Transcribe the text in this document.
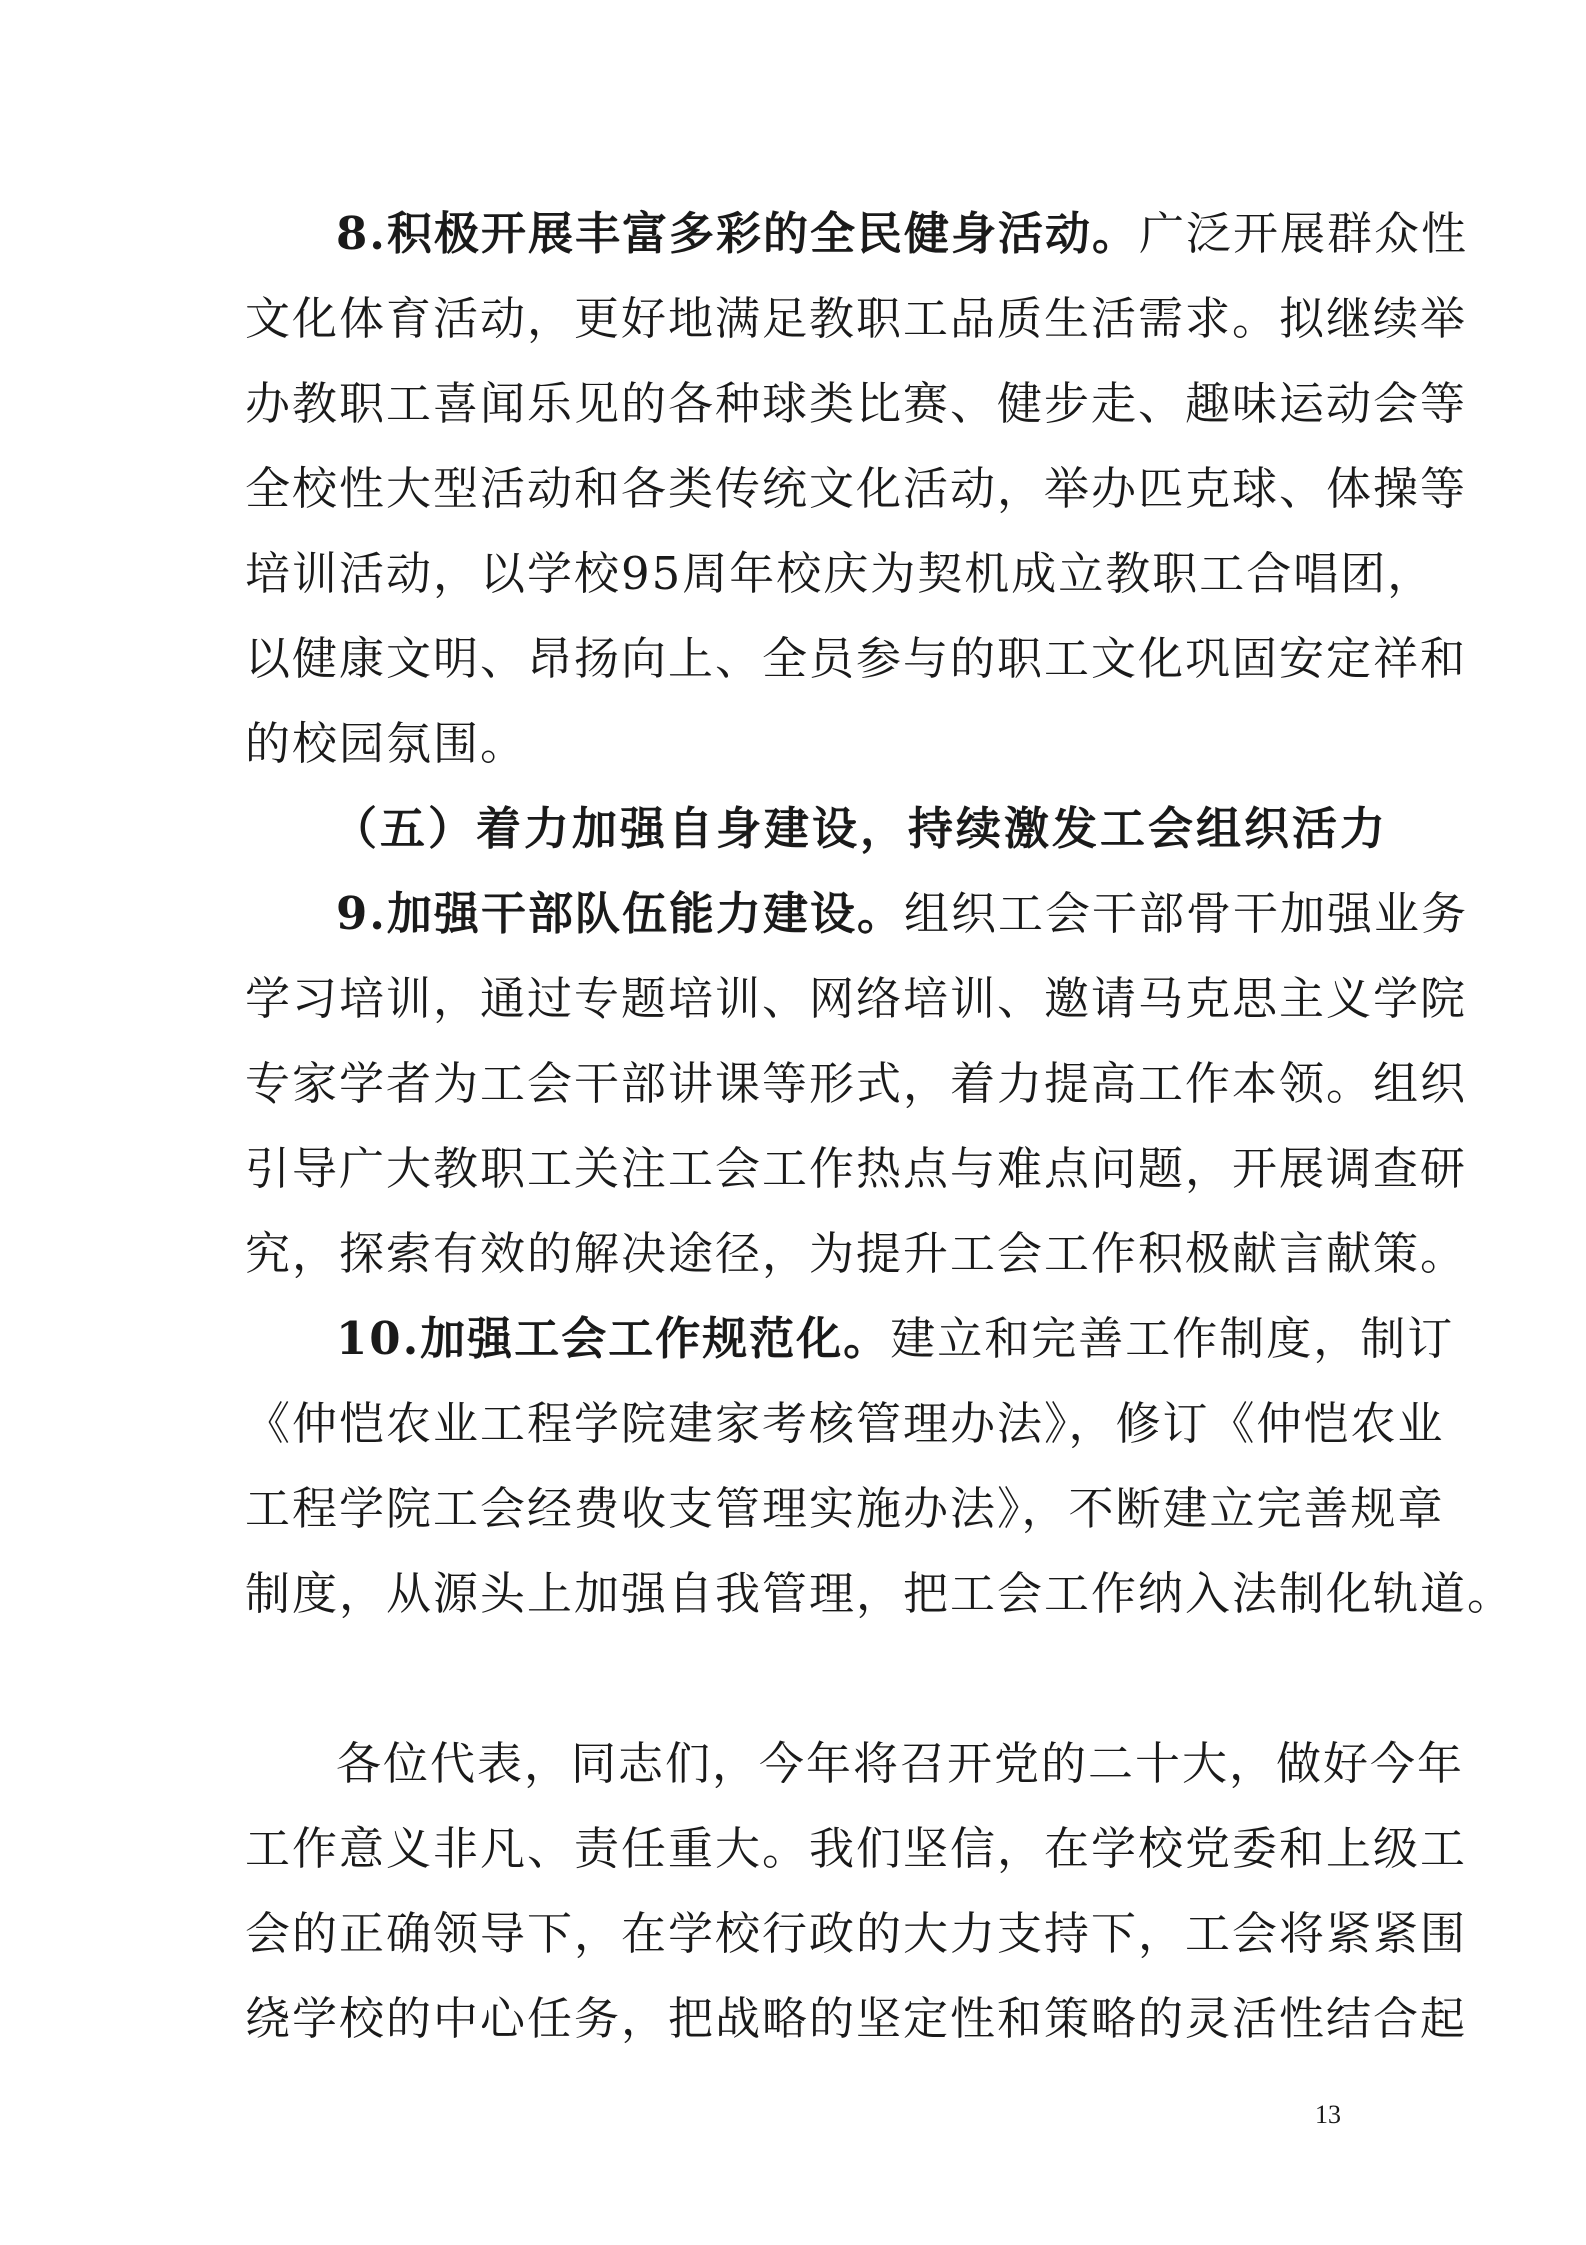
8.积极开展丰富多彩的全民健身活动。广泛开展群众性
文化体育活动，更好地满足教职工品质生活需求。拟继续举
办教职工喜闻乐见的各种球类比赛、健步走、趣味运动会等
全校性大型活动和各类传统文化活动，举办匹克球、体操等
培训活动，以学校95周年校庆为契机成立教职工合唱团，
以健康文明、昂扬向上、全员参与的职工文化巩固安定祥和
的校园氛围。
（五）着力加强自身建设，持续激发工会组织活力
9.加强干部队伍能力建设。组织工会干部骨干加强业务
学习培训，通过专题培训、网络培训、邀请马克思主义学院
专家学者为工会干部讲课等形式，着力提高工作本领。组织
引导广大教职工关注工会工作热点与难点问题，开展调查研
究，探索有效的解决途径，为提升工会工作积极献言献策。
10.加强工会工作规范化。建立和完善工作制度，制订
《仲恺农业工程学院建家考核管理办法》，修订《仲恺农业
工程学院工会经费收支管理实施办法》，不断建立完善规章
制度，从源头上加强自我管理，把工会工作纳入法制化轨道。
各位代表，同志们，今年将召开党的二十大，做好今年
工作意义非凡、责任重大。我们坚信，在学校党委和上级工
会的正确领导下，在学校行政的大力支持下，工会将紧紧围
绕学校的中心任务，把战略的坚定性和策略的灵活性结合起
13
